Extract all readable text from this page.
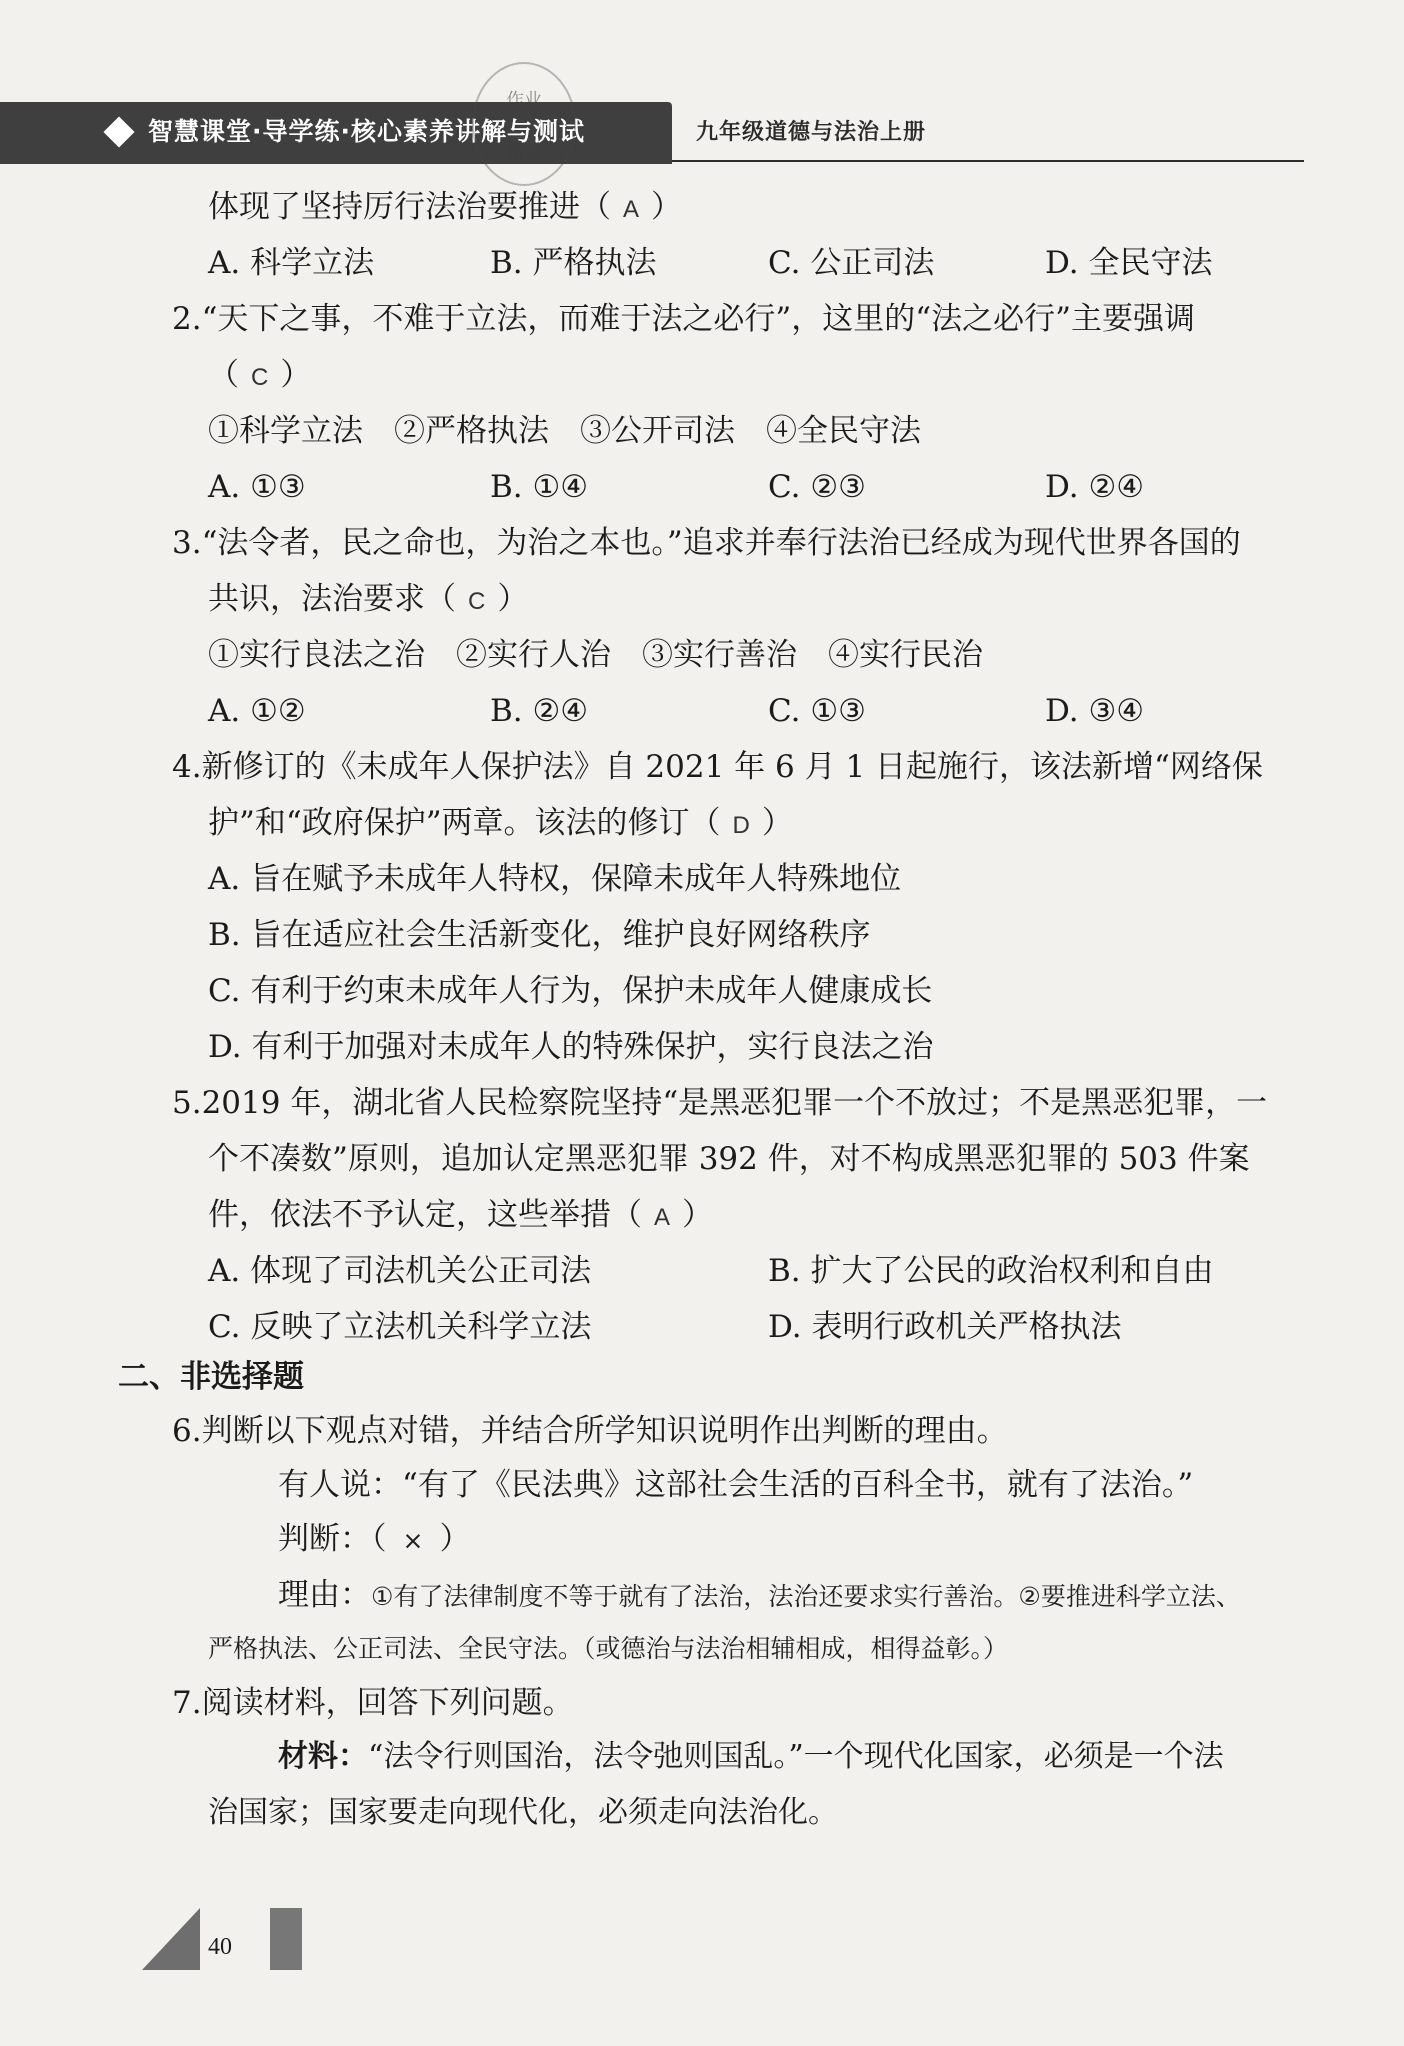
智慧课堂·导学练·核心素养讲解与测试	九年级道德与法治上册
作业
精灵
体现了坚持厉行法治要推进（ A ）
A. 科学立法	B. 严格执法	C. 公正司法	D. 全民守法
2.“天下之事，不难于立法，而难于法之必行”，这里的“法之必行”主要强调
（ C ）
①科学立法　②严格执法　③公开司法　④全民守法
A. ①③	B. ①④	C. ②③	D. ②④
3.“法令者，民之命也，为治之本也。”追求并奉行法治已经成为现代世界各国的
共识，法治要求（ C ）
①实行良法之治　②实行人治　③实行善治　④实行民治
A. ①②	B. ②④	C. ①③	D. ③④
4.新修订的《未成年人保护法》自 2021 年 6 月 1 日起施行，该法新增“网络保
护”和“政府保护”两章。该法的修订（ D ）
A. 旨在赋予未成年人特权，保障未成年人特殊地位
B. 旨在适应社会生活新变化，维护良好网络秩序
C. 有利于约束未成年人行为，保护未成年人健康成长
D. 有利于加强对未成年人的特殊保护，实行良法之治
5.2019 年，湖北省人民检察院坚持“是黑恶犯罪一个不放过；不是黑恶犯罪，一
个不凑数”原则，追加认定黑恶犯罪 392 件，对不构成黑恶犯罪的 503 件案
件，依法不予认定，这些举措（ A ）
A. 体现了司法机关公正司法	B. 扩大了公民的政治权利和自由
C. 反映了立法机关科学立法	D. 表明行政机关严格执法
二、非选择题
6.判断以下观点对错，并结合所学知识说明作出判断的理由。
有人说：“有了《民法典》这部社会生活的百科全书，就有了法治。”
判断：（ × ）
理由：①有了法律制度不等于就有了法治，法治还要求实行善治。②要推进科学立法、
严格执法、公正司法、全民守法。（或德治与法治相辅相成，相得益彰。）
7.阅读材料，回答下列问题。
材料：“法令行则国治，法令弛则国乱。”一个现代化国家，必须是一个法
治国家；国家要走向现代化，必须走向法治化。
40
